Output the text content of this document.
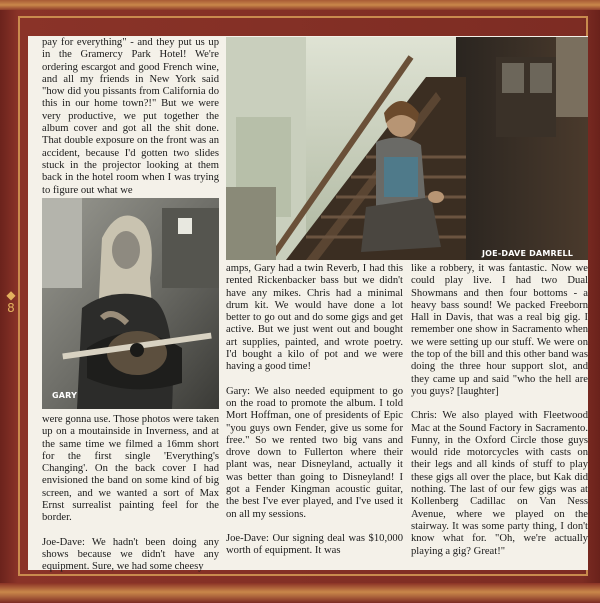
◆
8

pay for everything" - and they put us up in the Gramercy Park Hotel! We're ordering escargot and good French wine, and all my friends in New York said "how did you pissants from California do this in our home town?!" But we were very productive, we put together the album cover and got all the shit done. That double exposure on the front was an accident, because I'd gotten two slides stuck in the projector looking at them back in the hotel room when I was trying to figure out what we

GARY

were gonna use. Those photos were taken up on a moutainside in Inverness, and at the same time we filmed a 16mm short for the first single 'Everything's Changing'. On the back cover I had envisioned the band on some kind of big screen, and we wanted a sort of Max Ernst surrealist painting feel for the border.

Joe-Dave: We hadn't been doing any shows because we didn't have any equipment. Sure, we had some cheesy

JOE-DAVE DAMRELL

amps, Gary had a twin Reverb, I had this rented Rickenbacker bass but we didn't have any mikes. Chris had a minimal drum kit. We would have done a lot better to go out and do some gigs and get active. But we just went out and bought art supplies, painted, and wrote poetry. I'd bought a kilo of pot and we were having a good time!

Gary: We also needed equipment to go on the road to promote the album. I told Mort Hoffman, one of presidents of Epic "you guys own Fender, give us some for free." So we rented two big vans and drove down to Fullerton where their plant was, near Disneyland, actually it was better than going to Disneyland! I got a Fender Kingman acoustic guitar, the best I've ever played, and I've used it on all my sessions.

Joe-Dave: Our signing deal was $10,000 worth of equipment. It was

like a robbery, it was fantastic. Now we could play live. I had two Dual Showmans and then four bottoms - a heavy bass sound! We packed Freeborn Hall in Davis, that was a real big gig. I remember one show in Sacramento when we were setting up our stuff. We were on the top of the bill and this other band was doing the three hour support slot, and they came up and said "who the hell are you guys? [laughter]

Chris: We also played with Fleetwood Mac at the Sound Factory in Sacramento. Funny, in the Oxford Circle those guys would ride motorcycles with casts on their legs and all kinds of stuff to play these gigs all over the place, but Kak did nothing. The last of our few gigs was at Kollenberg Cadillac on Van Ness Avenue, where we played on the stairway. It was some party thing, I don't know what for. "Oh, we're actually playing a gig? Great!"
